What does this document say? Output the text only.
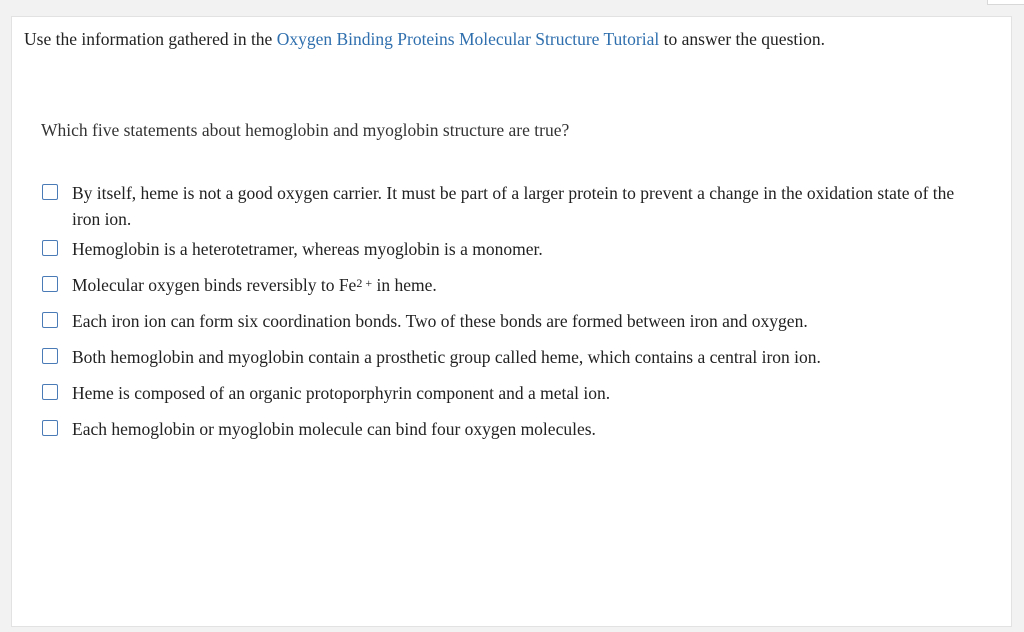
Use the information gathered in the Oxygen Binding Proteins Molecular Structure Tutorial to answer the question.
Which five statements about hemoglobin and myoglobin structure are true?
By itself, heme is not a good oxygen carrier. It must be part of a larger protein to prevent a change in the oxidation state of the iron ion.
Hemoglobin is a heterotetramer, whereas myoglobin is a monomer.
Molecular oxygen binds reversibly to $Fe^{2 +}$ in heme.
Each iron ion can form six coordination bonds. Two of these bonds are formed between iron and oxygen.
Both hemoglobin and myoglobin contain a prosthetic group called heme, which contains a central iron ion.
Heme is composed of an organic protoporphyrin component and a metal ion.
Each hemoglobin or myoglobin molecule can bind four oxygen molecules.
